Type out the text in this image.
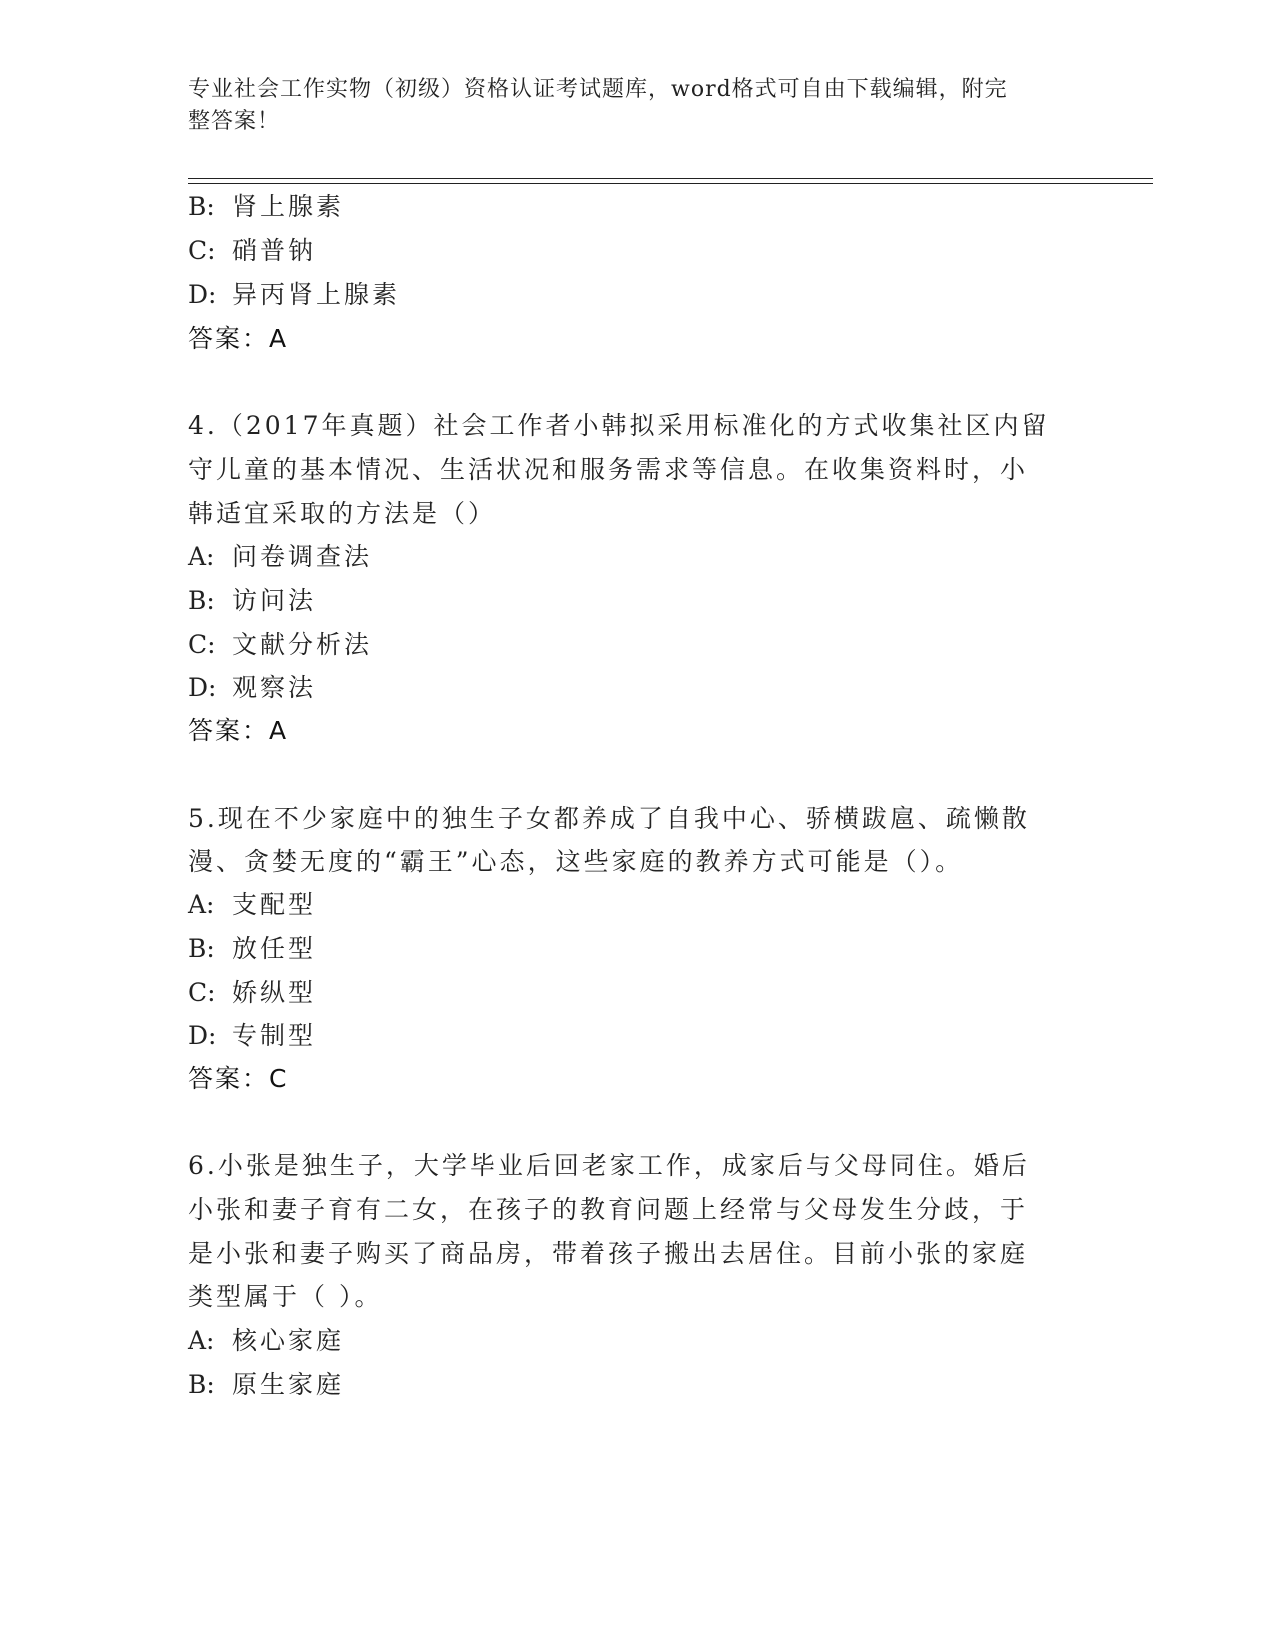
专业社会工作实物（初级）资格认证考试题库，word格式可自由下载编辑，附完
整答案！
B: 肾上腺素
C: 硝普钠
D: 异丙肾上腺素
答案：A
4.（2017年真题）社会工作者小韩拟采用标准化的方式收集社区内留
守儿童的基本情况、生活状况和服务需求等信息。在收集资料时，小
韩适宜采取的方法是（）
A: 问卷调查法
B: 访问法
C: 文献分析法
D: 观察法
答案：A
5.现在不少家庭中的独生子女都养成了自我中心、骄横跋扈、疏懒散
漫、贪婪无度的“霸王”心态，这些家庭的教养方式可能是（）。
A: 支配型
B: 放任型
C: 娇纵型
D: 专制型
答案：C
6.小张是独生子，大学毕业后回老家工作，成家后与父母同住。婚后
小张和妻子育有二女，在孩子的教育问题上经常与父母发生分歧，于
是小张和妻子购买了商品房，带着孩子搬出去居住。目前小张的家庭
类型属于（ ）。
A: 核心家庭
B: 原生家庭
